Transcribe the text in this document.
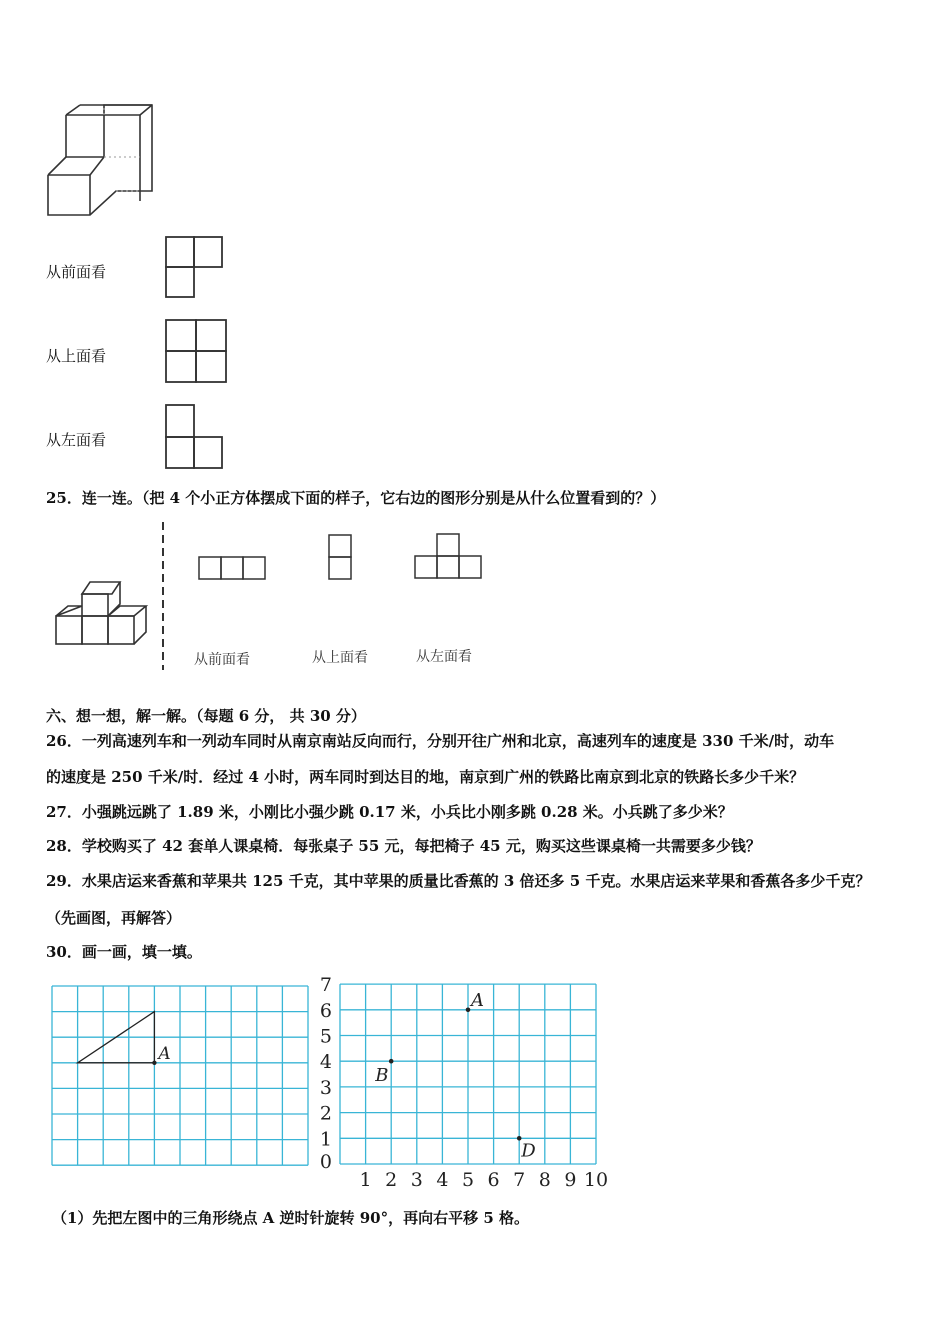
从前面看
从上面看
从左面看
25．连一连。（把 4 个小正方体摆成下面的样子，它右边的图形分别是从什么位置看到的？）
从前面看	从上面看	从左面看
六、想一想，解一解。（每题 6 分， 共 30 分）
26．一列高速列车和一列动车同时从南京南站反向而行，分别开往广州和北京，高速列车的速度是 330 千米/时，动车
的速度是 250 千米/时．经过 4 小时，两车同时到达目的地，南京到广州的铁路比南京到北京的铁路长多少千米？
27．小强跳远跳了 1.89 米，小刚比小强少跳 0.17 米，小兵比小刚多跳 0.28 米。小兵跳了多少米？
28．学校购买了 42 套单人课桌椅．每张桌子 55 元，每把椅子 45 元，购买这些课桌椅一共需要多少钱？
29．水果店运来香蕉和苹果共 125 千克，其中苹果的质量比香蕉的 3 倍还多 5 千克。水果店运来苹果和香蕉各多少千克？
（先画图，再解答）
30．画一画，填一填。
A
1 2 3 4 5 6 7 8 9 10
0
1
2
3
4
5
6
7
A
B
D
（1）先把左图中的三角形绕点 A 逆时针旋转 90°，再向右平移 5 格。
